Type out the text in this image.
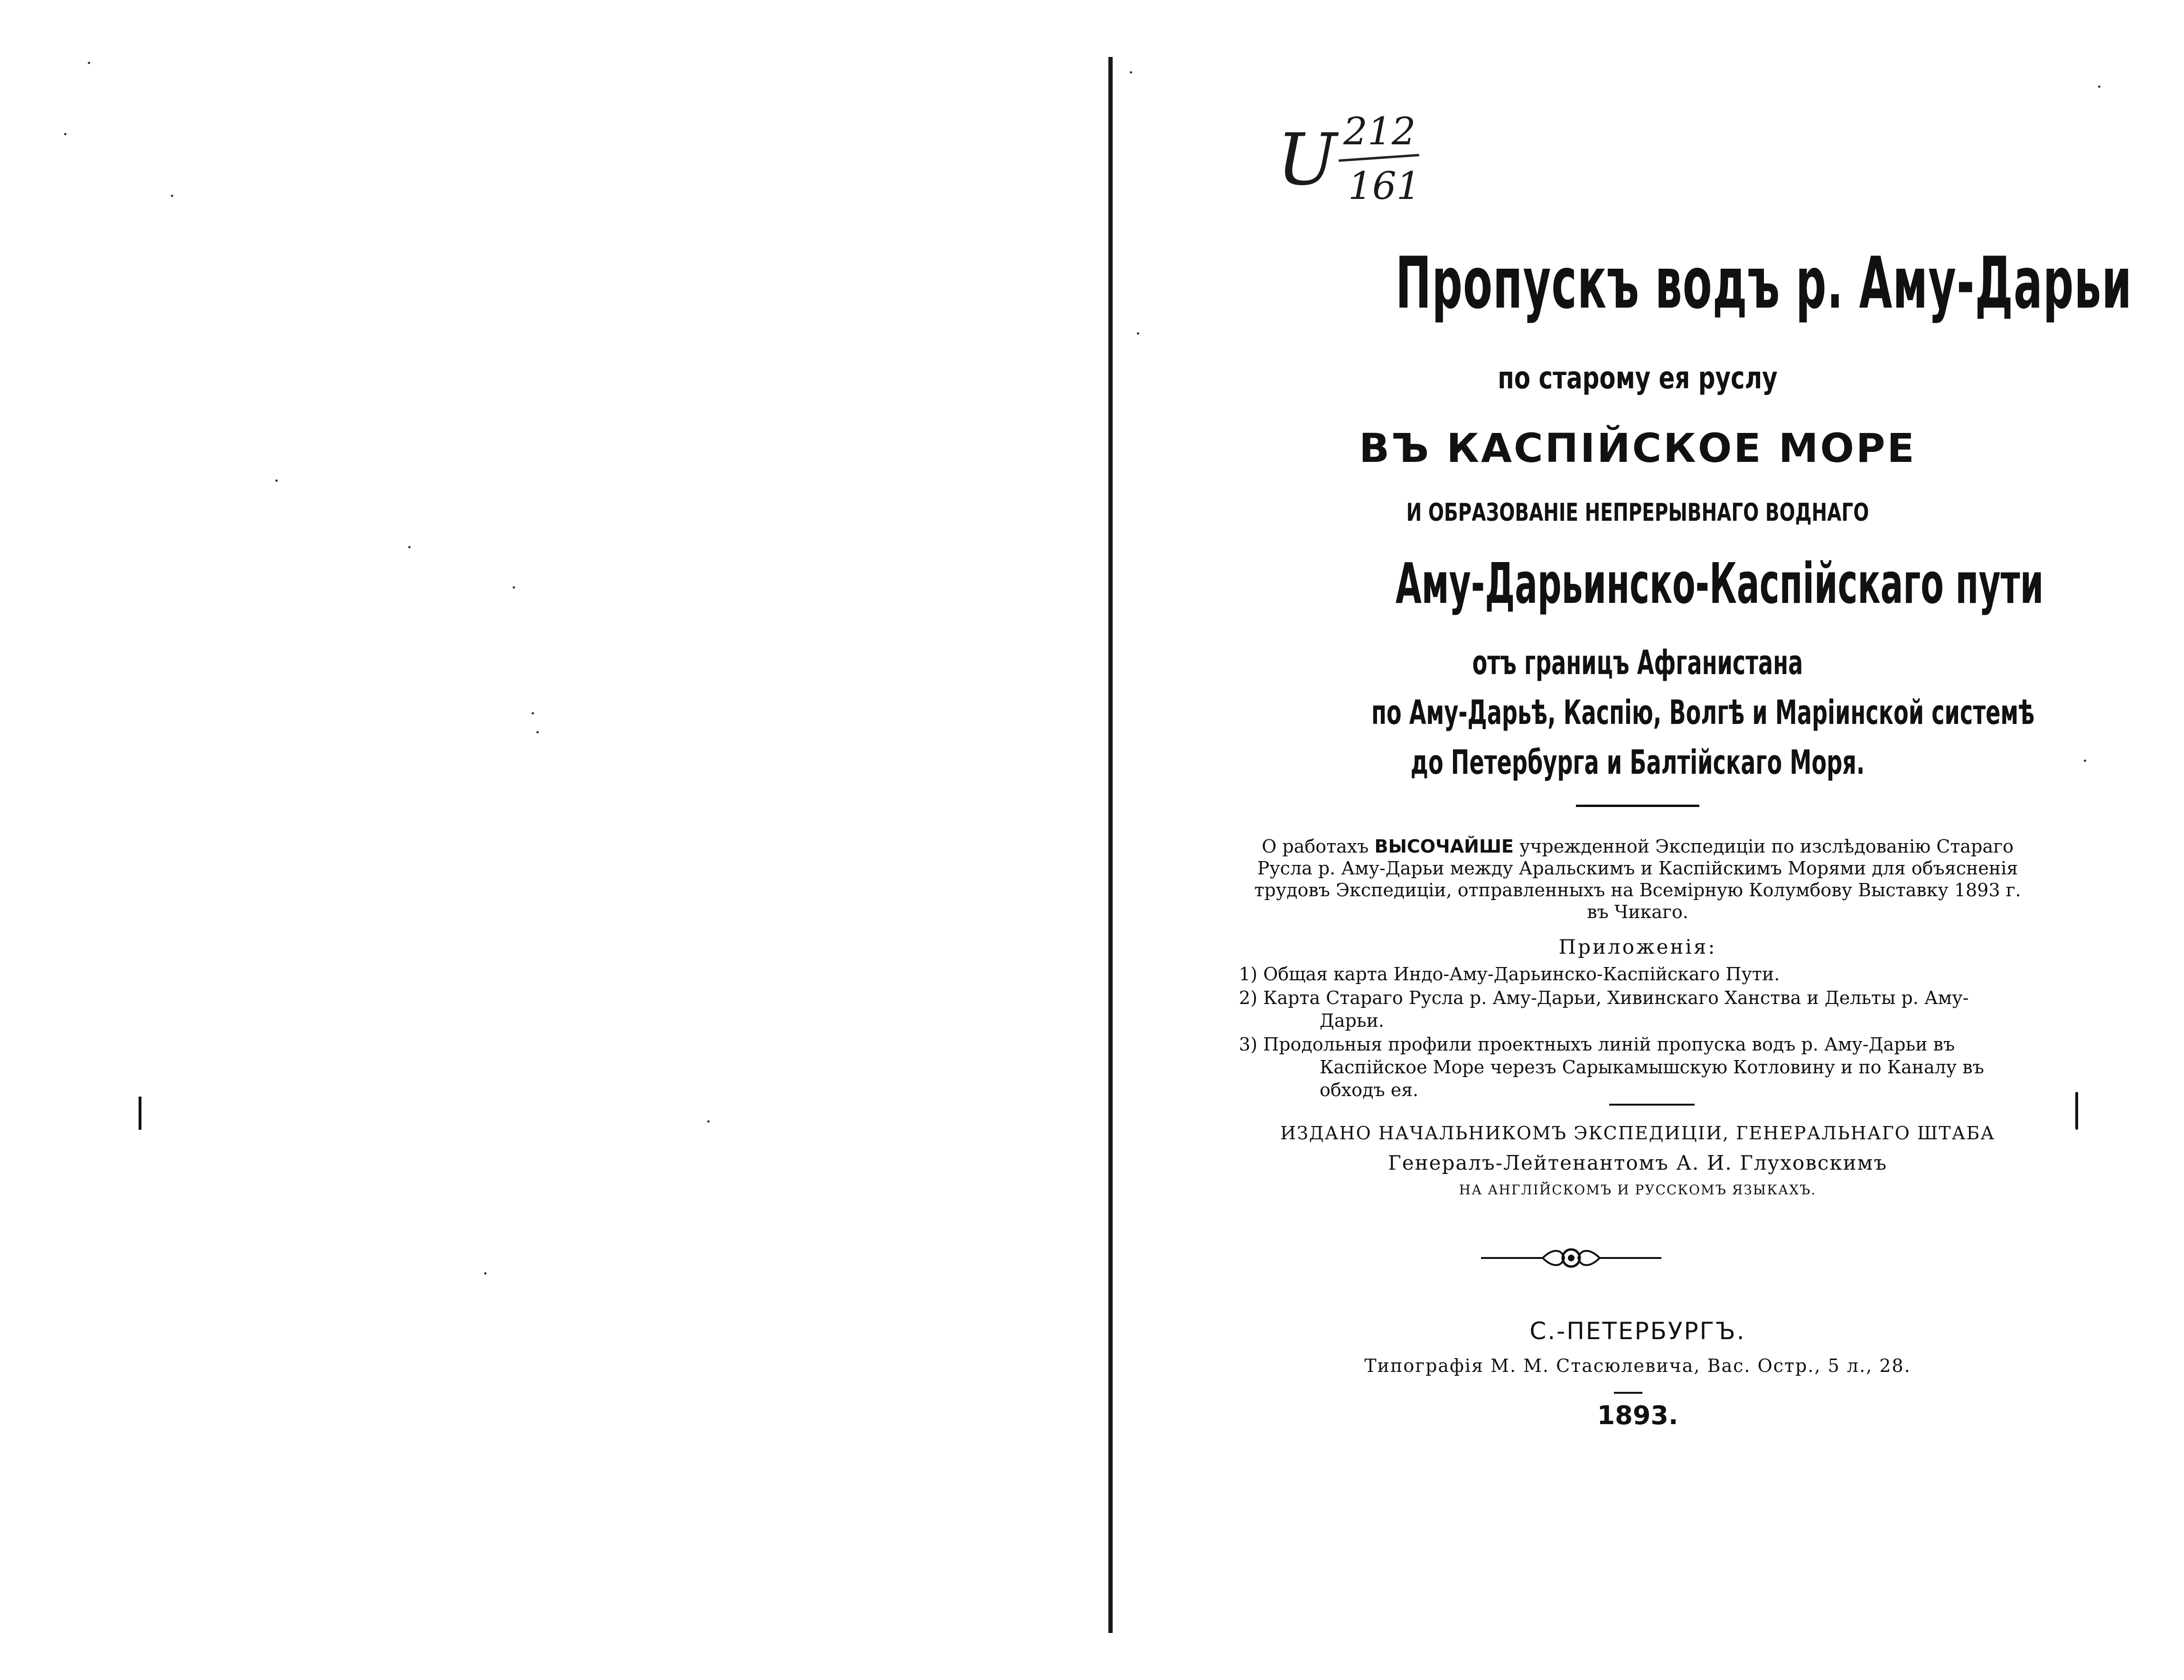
U 212
161
Пропускъ водъ р. Аму-Дарьи
по старому ея руслу
ВЪ КАСПІЙСКОЕ МОРЕ
И ОБРАЗОВАНІЕ НЕПРЕРЫВНАГО ВОДНАГО
Аму-Дарьинско-Каспійскаго пути
отъ границъ Афганистана
по Аму-Дарьѣ, Каспію, Волгѣ и Маріинской системѣ
до Петербурга и Балтійскаго Моря.
О работахъ ВЫСОЧАЙШЕ учрежденной Экспедиціи по изслѣдованію Стараго
Русла р. Аму-Дарьи между Аральскимъ и Каспійскимъ Морями для объясненія
трудовъ Экспедиціи, отправленныхъ на Всемірную Колумбову Выставку 1893 г.
въ Чикаго.
Приложенія:
1) Общая карта Индо-Аму-Дарьинско-Каспійскаго Пути.
2) Карта Стараго Русла р. Аму-Дарьи, Хивинскаго Ханства и Дельты р. Аму-
Дарьи.
3) Продольныя профили проектныхъ линій пропуска водъ р. Аму-Дарьи въ
Каспійское Море черезъ Сарыкамышскую Котловину и по Каналу въ
обходъ ея.
ИЗДАНО НАЧАЛЬНИКОМЪ ЭКСПЕДИЦІИ, ГЕНЕРАЛЬНАГО ШТАБА
Генералъ-Лейтенантомъ А. И. Глуховскимъ
НА АНГЛІЙСКОМЪ И РУССКОМЪ ЯЗЫКАХЪ.
С.-ПЕТЕРБУРГЪ.
Типографія М. М. Стасюлевича, Вас. Остр., 5 л., 28.
1893.
